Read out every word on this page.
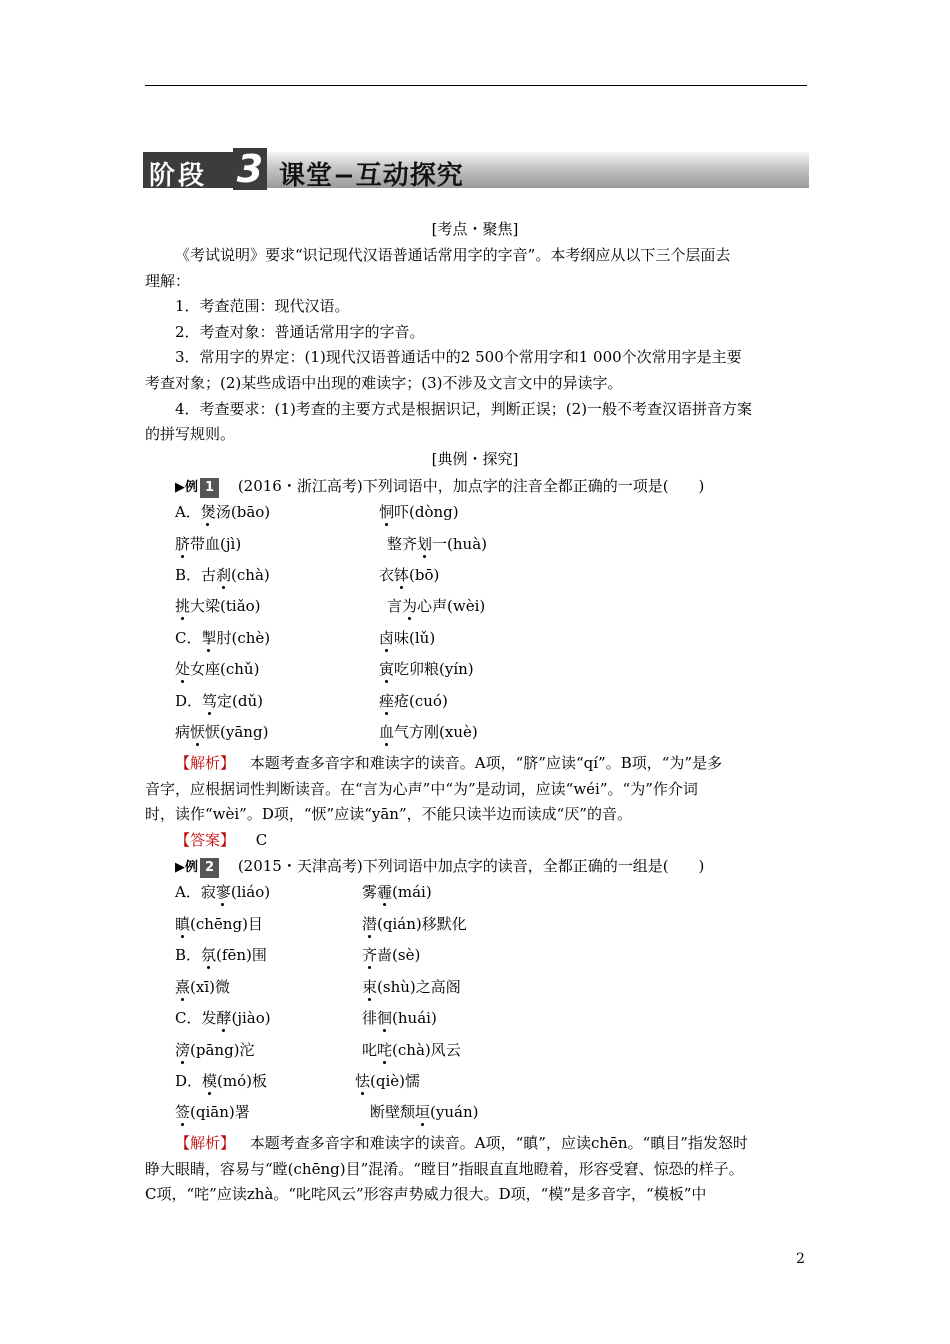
阶段 3 课堂−互动探究
[考点・聚焦]
《考试说明》要求“识记现代汉语普通话常用字的字音”。本考纲应从以下三个层面去
理解：
1．考查范围：现代汉语。
2．考查对象：普通话常用字的字音。
3．常用字的界定：(1)现代汉语普通话中的2 500个常用字和1 000个次常用字是主要
考查对象；(2)某些成语中出现的难读字；(3)不涉及文言文中的异读字。
4．考查要求：(1)考查的主要方式是根据识记，判断正误；(2)一般不考查汉语拼音方案
的拼写规则。
[典例・探究]
▶例 1 (2016・浙江高考)下列词语中，加点字的注音全都正确的一项是(　　)
A．煲汤(bāo)	恫吓(dòng)
脐带血(jì)	整齐划一(huà)
B．古刹(chà)	衣钵(bō)
挑大梁(tiǎo)	言为心声(wèi)
C．掣肘(chè)	卤味(lǔ)
处女座(chǔ)	寅吃卯粮(yín)
D．笃定(dǔ)	痤疮(cuó)
病恹恹(yāng)	血气方刚(xuè)
【解析】 本题考查多音字和难读字的读音。A项，“脐”应读“qí”。B项，“为”是多
音字，应根据词性判断读音。在“言为心声”中“为”是动词，应读“wéi”。“为”作介词
时，读作“wèi”。D项，“恹”应读“yān”，不能只读半边而读成“厌”的音。
【答案】 C
▶例 2 (2015・天津高考)下列词语中加点字的读音，全都正确的一组是(　　)
A．寂寥(liáo)	雾霾(mái)
瞋(chēng)目	潜(qián)移默化
B．氛(fēn)围	齐啬(sè)
熹(xī)微	束(shù)之高阁
C．发酵(jiào)	徘徊(huái)
滂(pāng)沱	叱咤(chà)风云
D．模(mó)板	怯(qiè)懦
签(qiān)署	断壁颓垣(yuán)
【解析】 本题考查多音字和难读字的读音。A项，“瞋”，应读chēn。“瞋目”指发怒时
睁大眼睛，容易与“瞠(chēng)目”混淆。“瞠目”指眼直直地瞪着，形容受窘、惊恐的样子。
C项，“咤”应读zhà。“叱咤风云”形容声势威力很大。D项，“模”是多音字，“模板”中
2
